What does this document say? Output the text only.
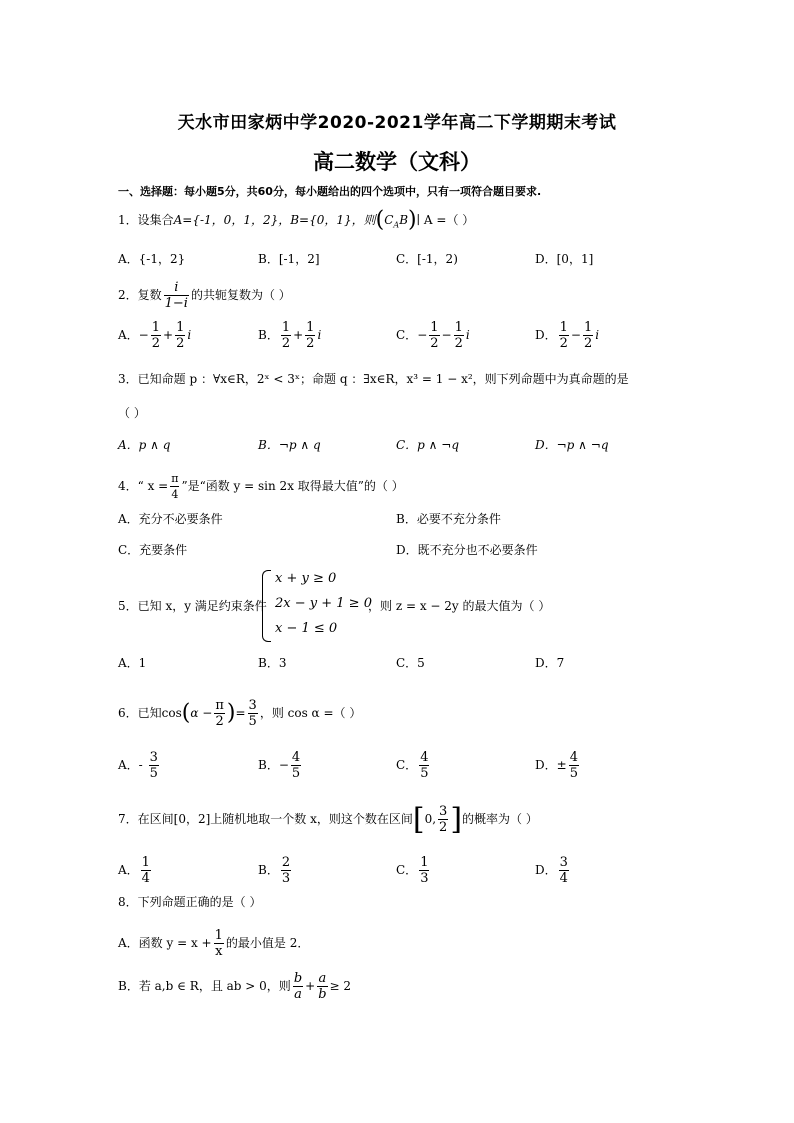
天水市田家炳中学2020-2021学年高二下学期期末考试
高二数学（文科）
一、选择题：每小题5分，共60分，每小题给出的四个选项中，只有一项符合题目要求.
1．设集合A={-1，0，1，2}，B={0，1}，则$(C_AB)∣$ A =（ ）
A．{-1，2}	B．[-1，2]	C．[-1，2)	D．[0，1]
2．复数 $\frac{i}{1-i}$ 的共轭复数为（ ）
A．− $\frac{1}{2} + \frac{1}{2}$ i	B． $\frac{1}{2} + \frac{1}{2}$ i	C．− $\frac{1}{2} - \frac{1}{2}$ i	D． $\frac{1}{2} - \frac{1}{2}$ i
3．已知命题 p ：∀x∈R，2ˣ < 3ˣ；命题 q ：∃x∈R，x³ = 1 − x²，则下列命题中为真命题的是
（ ）
A．p ∧ q	B．¬p ∧ q	C．p ∧ ¬q	D．¬p ∧ ¬q
4．“ $x = \frac{\pi}{4}$ ”是“函数 y = sin 2x 取得最大值”的（ ）
A．充分不必要条件	B．必要不充分条件
C．充要条件	D．既不充分也不必要条件
5．已知 x，y 满足约束条件
x + y ≥ 0
2x − y + 1 ≥ 0
x − 1 ≤ 0
，则 z = x − 2y 的最大值为（ ）
A．1	B．3	C．5	D．7
6．已知$\cos(\alpha - \frac{\pi}{2}$ )= $\frac{3}{5}$ ，则 cos α =（ ）
A．- $\frac{3}{5}$	B．− $\frac{4}{5}$	C． $\frac{4}{5}$	D．± $\frac{4}{5}$
7．在区间[0，2]上随机地取一个数 x，则这个数在区间[0, $\frac{3}{2}$ ]的概率为（ ）
A． $\frac{1}{4}$	B． $\frac{2}{3}$	C． $\frac{1}{3}$	D． $\frac{3}{4}$
8．下列命题正确的是（ ）
A．函数 $y = x + \frac{1}{x}$ 的最小值是 2．
B．若 a,b ∈ R，且 ab > 0，则 $\frac{b}{a} + \frac{a}{b} \ge 2$
